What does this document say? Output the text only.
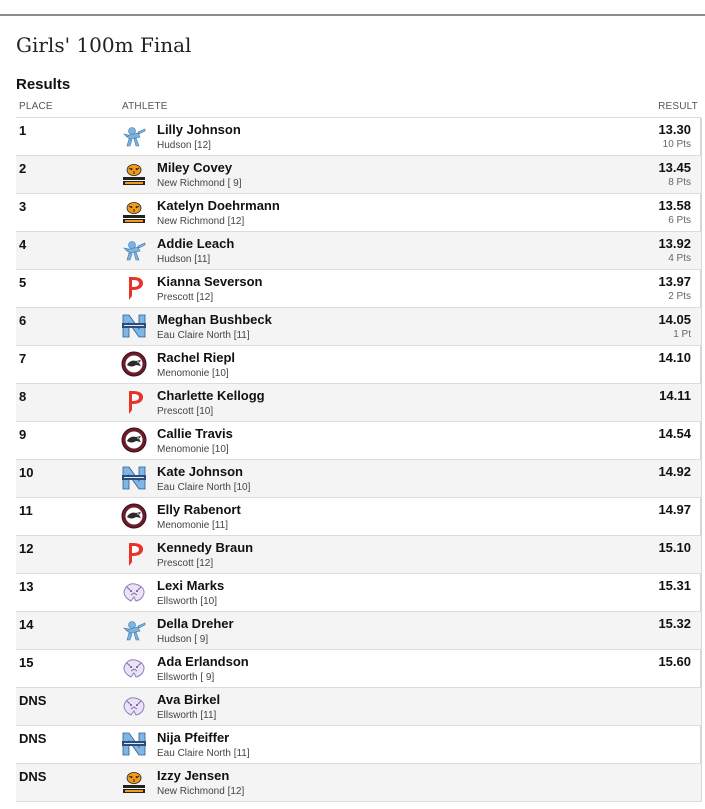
Girls' 100m Final
Results
PLACE	ATHLETE	RESULT
1	Lilly Johnson
Hudson [12]
13.30
10 Pts
2	Miley Covey
New Richmond [ 9]
13.45
8 Pts
3	Katelyn Doehrmann
New Richmond [12]
13.58
6 Pts
4	Addie Leach
Hudson [11]
13.92
4 Pts
5	Kianna Severson
Prescott [12]
13.97
2 Pts
6	Meghan Bushbeck
Eau Claire North [11]
14.05
1 Pt
7	Rachel Riepl
Menomonie [10]
14.10
8	Charlette Kellogg
Prescott [10]
14.11
9	Callie Travis
Menomonie [10]
14.54
10	Kate Johnson
Eau Claire North [10]
14.92
11	Elly Rabenort
Menomonie [11]
14.97
12	Kennedy Braun
Prescott [12]
15.10
13	Lexi Marks
Ellsworth [10]
15.31
14	Della Dreher
Hudson [ 9]
15.32
15	Ada Erlandson
Ellsworth [ 9]
15.60
DNS	Ava Birkel
Ellsworth [11]
DNS	Nija Pfeiffer
Eau Claire North [11]
DNS	Izzy Jensen
New Richmond [12]
